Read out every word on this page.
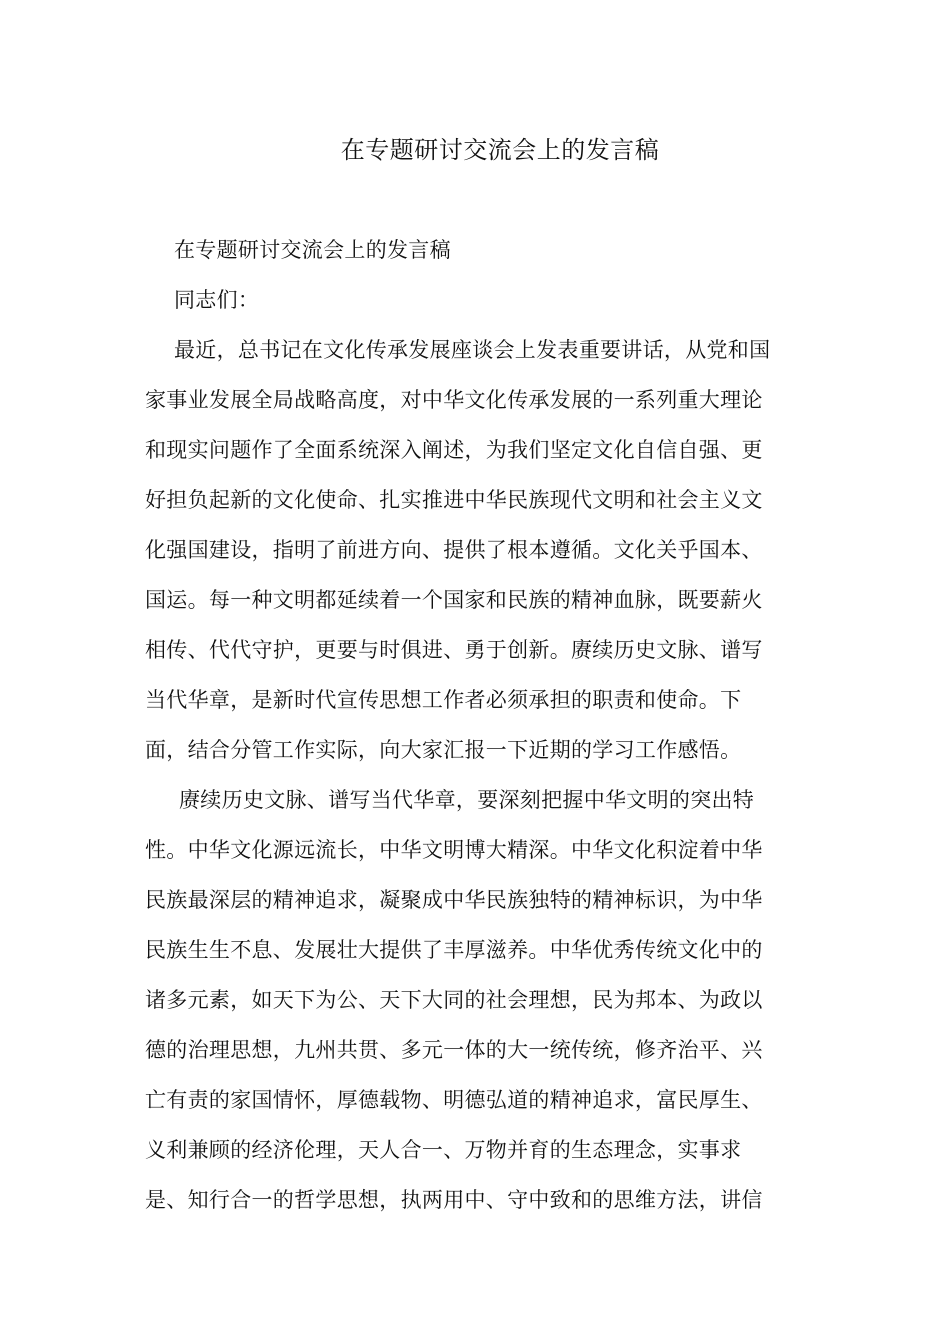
在专题研讨交流会上的发言稿
在专题研讨交流会上的发言稿
同志们：
最近，总书记在文化传承发展座谈会上发表重要讲话，从党和国
家事业发展全局战略高度，对中华文化传承发展的一系列重大理论
和现实问题作了全面系统深入阐述，为我们坚定文化自信自强、更
好担负起新的文化使命、扎实推进中华民族现代文明和社会主义文
化强国建设，指明了前进方向、提供了根本遵循。文化关乎国本、
国运。每一种文明都延续着一个国家和民族的精神血脉，既要薪火
相传、代代守护，更要与时俱进、勇于创新。赓续历史文脉、谱写
当代华章，是新时代宣传思想工作者必须承担的职责和使命。下
面，结合分管工作实际，向大家汇报一下近期的学习工作感悟。
赓续历史文脉、谱写当代华章，要深刻把握中华文明的突出特
性。中华文化源远流长，中华文明博大精深。中华文化积淀着中华
民族最深层的精神追求，凝聚成中华民族独特的精神标识，为中华
民族生生不息、发展壮大提供了丰厚滋养。中华优秀传统文化中的
诸多元素，如天下为公、天下大同的社会理想，民为邦本、为政以
德的治理思想，九州共贯、多元一体的大一统传统，修齐治平、兴
亡有责的家国情怀，厚德载物、明德弘道的精神追求，富民厚生、
义利兼顾的经济伦理，天人合一、万物并育的生态理念，实事求
是、知行合一的哲学思想，执两用中、守中致和的思维方法，讲信
